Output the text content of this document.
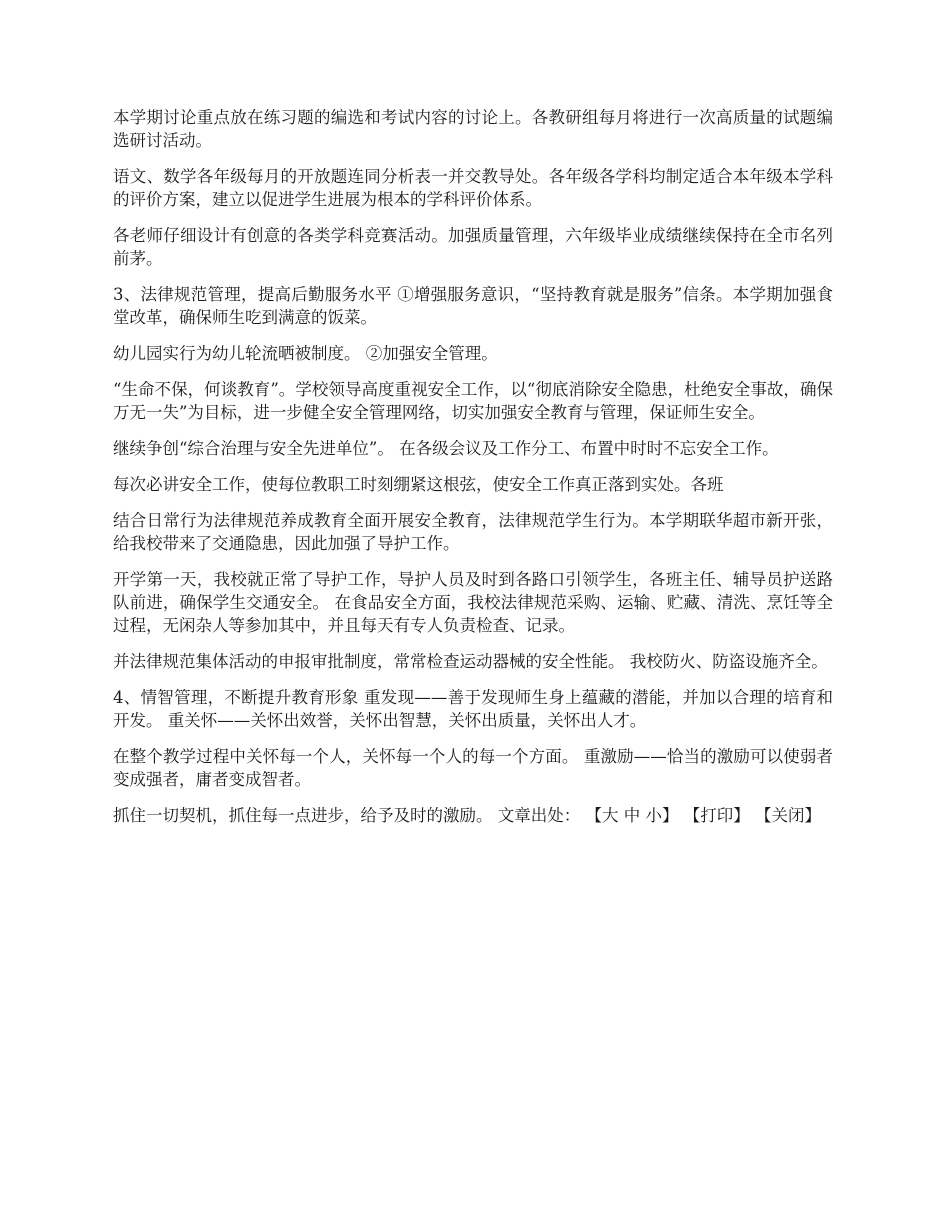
本学期讨论重点放在练习题的编选和考试内容的讨论上。各教研组每月将进行一次高质量的试题编选研讨活动。

语文、数学各年级每月的开放题连同分析表一并交教导处。各年级各学科均制定适合本年级本学科的评价方案，建立以促进学生进展为根本的学科评价体系。

各老师仔细设计有创意的各类学科竞赛活动。加强质量管理，六年级毕业成绩继续保持在全市名列前茅。

3、法律规范管理，提高后勤服务水平 ①增强服务意识，“坚持教育就是服务”信条。本学期加强食堂改革，确保师生吃到满意的饭菜。

幼儿园实行为幼儿轮流晒被制度。 ②加强安全管理。

“生命不保，何谈教育”。学校领导高度重视安全工作，以“彻底消除安全隐患，杜绝安全事故，确保万无一失”为目标，进一步健全安全管理网络，切实加强安全教育与管理，保证师生安全。

继续争创“综合治理与安全先进单位”。 在各级会议及工作分工、布置中时时不忘安全工作。

每次必讲安全工作，使每位教职工时刻绷紧这根弦，使安全工作真正落到实处。各班

结合日常行为法律规范养成教育全面开展安全教育，法律规范学生行为。本学期联华超市新开张，给我校带来了交通隐患，因此加强了导护工作。

开学第一天，我校就正常了导护工作，导护人员及时到各路口引领学生，各班主任、辅导员护送路队前进，确保学生交通安全。 在食品安全方面，我校法律规范采购、运输、贮藏、清洗、烹饪等全过程，无闲杂人等参加其中，并且每天有专人负责检查、记录。

并法律规范集体活动的申报审批制度，常常检查运动器械的安全性能。 我校防火、防盗设施齐全。

4、情智管理，不断提升教育形象 重发现——善于发现师生身上蕴藏的潜能，并加以合理的培育和开发。 重关怀——关怀出效誉，关怀出智慧，关怀出质量，关怀出人才。

在整个教学过程中关怀每一个人，关怀每一个人的每一个方面。 重激励——恰当的激励可以使弱者变成强者，庸者变成智者。

抓住一切契机，抓住每一点进步，给予及时的激励。 文章出处： 【大 中 小】 【打印】 【关闭】
